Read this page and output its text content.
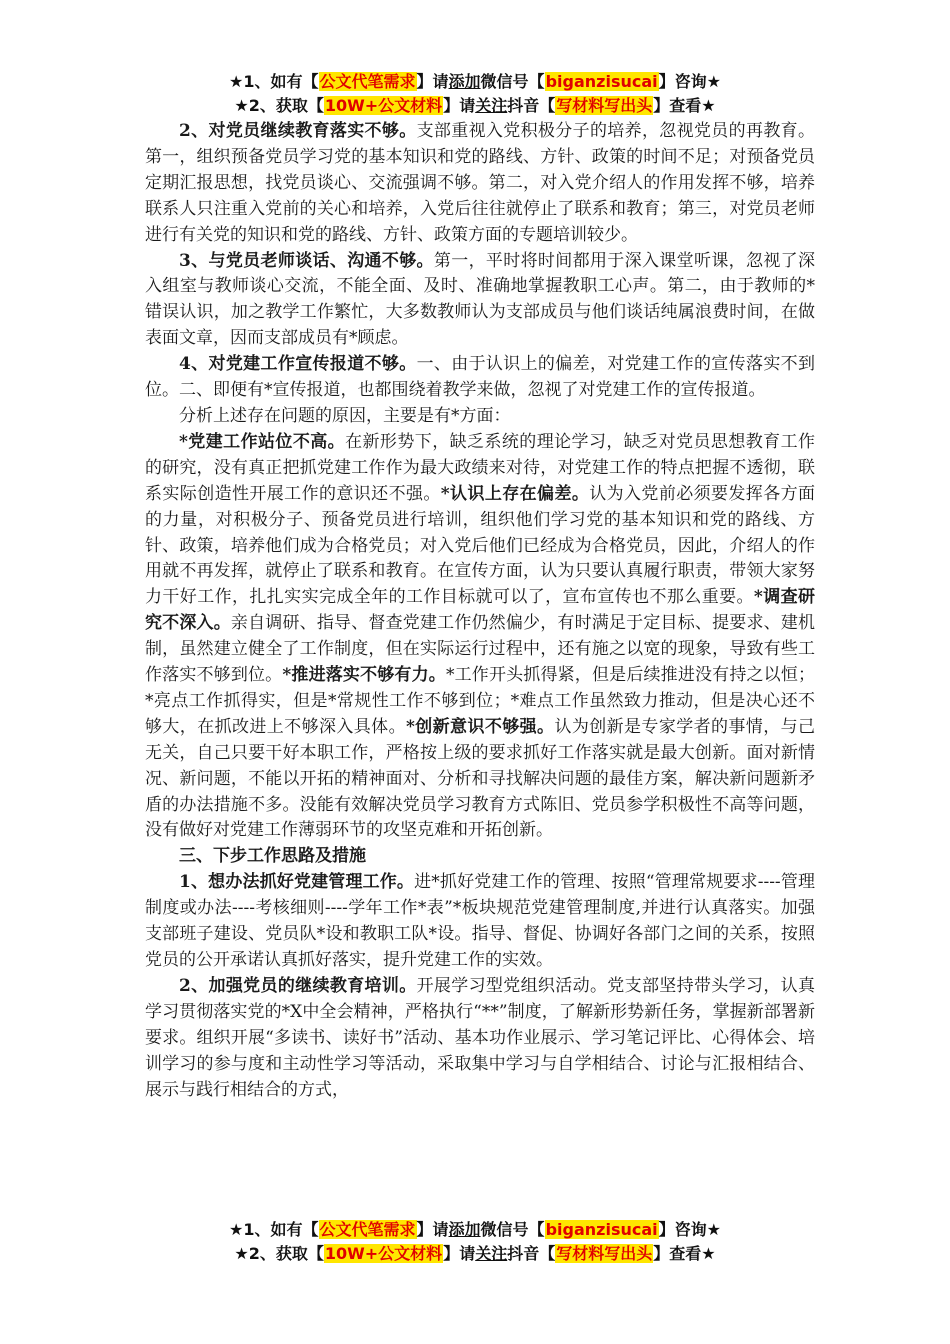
★1、如有【公文代笔需求】请添加微信号【biganzisucai】咨询★
★2、获取【10W+公文材料】请关注抖音【写材料写出头】查看★

2、对党员继续教育落实不够。支部重视入党积极分子的培养，忽视党员的再教育。第一，组织预备党员学习党的基本知识和党的路线、方针、政策的时间不足；对预备党员定期汇报思想，找党员谈心、交流强调不够。第二，对入党介绍人的作用发挥不够，培养联系人只注重入党前的关心和培养，入党后往往就停止了联系和教育；第三，对党员老师进行有关党的知识和党的路线、方针、政策方面的专题培训较少。

3、与党员老师谈话、沟通不够。第一，平时将时间都用于深入课堂听课，忽视了深入组室与教师谈心交流，不能全面、及时、准确地掌握教职工心声。第二，由于教师的*错误认识，加之教学工作繁忙，大多数教师认为支部成员与他们谈话纯属浪费时间，在做表面文章，因而支部成员有*顾虑。

4、对党建工作宣传报道不够。一、由于认识上的偏差，对党建工作的宣传落实不到位。二、即便有*宣传报道，也都围绕着教学来做，忽视了对党建工作的宣传报道。

分析上述存在问题的原因，主要是有*方面：

*党建工作站位不高。在新形势下，缺乏系统的理论学习，缺乏对党员思想教育工作的研究，没有真正把抓党建工作作为最大政绩来对待，对党建工作的特点把握不透彻，联系实际创造性开展工作的意识还不强。*认识上存在偏差。认为入党前必须要发挥各方面的力量，对积极分子、预备党员进行培训，组织他们学习党的基本知识和党的路线、方针、政策，培养他们成为合格党员；对入党后他们已经成为合格党员，因此，介绍人的作用就不再发挥，就停止了联系和教育。在宣传方面，认为只要认真履行职责，带领大家努力干好工作，扎扎实实完成全年的工作目标就可以了，宣布宣传也不那么重要。*调查研究不深入。亲自调研、指导、督查党建工作仍然偏少，有时满足于定目标、提要求、建机制，虽然建立健全了工作制度，但在实际运行过程中，还有施之以宽的现象，导致有些工作落实不够到位。*推进落实不够有力。*工作开头抓得紧，但是后续推进没有持之以恒；*亮点工作抓得实，但是*常规性工作不够到位；*难点工作虽然致力推动，但是决心还不够大，在抓改进上不够深入具体。*创新意识不够强。认为创新是专家学者的事情，与己无关，自己只要干好本职工作，严格按上级的要求抓好工作落实就是最大创新。面对新情况、新问题，不能以开拓的精神面对、分析和寻找解决问题的最佳方案，解决新问题新矛盾的办法措施不多。没能有效解决党员学习教育方式陈旧、党员参学积极性不高等问题，没有做好对党建工作薄弱环节的攻坚克难和开拓创新。

三、下步工作思路及措施

1、想办法抓好党建管理工作。进*抓好党建工作的管理、按照“管理常规要求----管理制度或办法----考核细则----学年工作*表”*板块规范党建管理制度,并进行认真落实。加强支部班子建设、党员队*设和教职工队*设。指导、督促、协调好各部门之间的关系，按照党员的公开承诺认真抓好落实，提升党建工作的实效。

2、加强党员的继续教育培训。开展学习型党组织活动。党支部坚持带头学习，认真学习贯彻落实党的*X中全会精神，严格执行“**”制度，了解新形势新任务，掌握新部署新要求。组织开展“多读书、读好书”活动、基本功作业展示、学习笔记评比、心得体会、培训学习的参与度和主动性学习等活动，采取集中学习与自学相结合、讨论与汇报相结合、展示与践行相结合的方式，

★1、如有【公文代笔需求】请添加微信号【biganzisucai】咨询★
★2、获取【10W+公文材料】请关注抖音【写材料写出头】查看★
